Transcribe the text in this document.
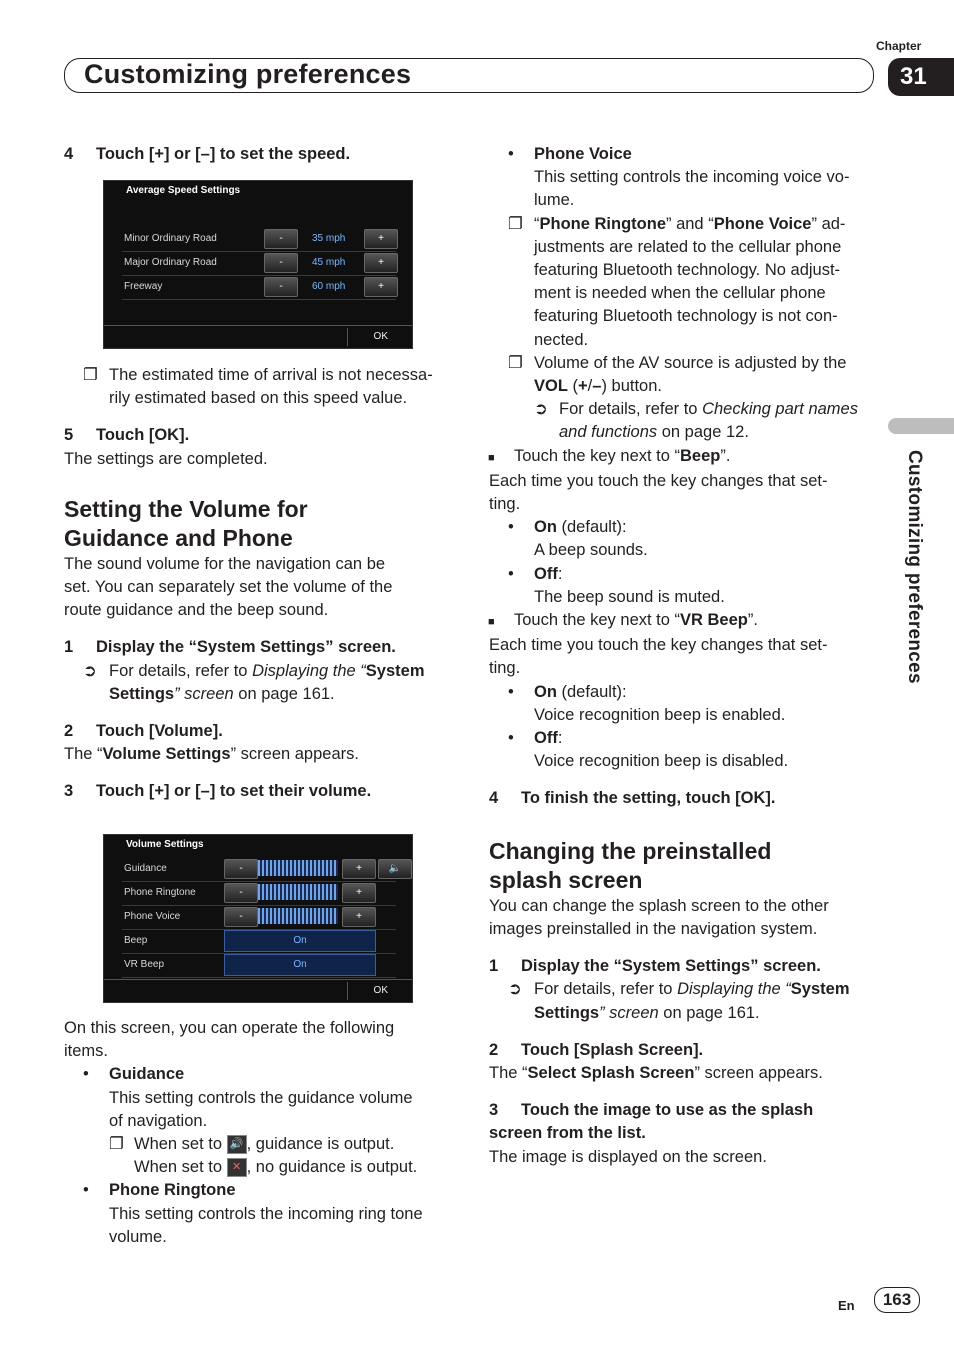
Chapter
Customizing preferences	31
Customizing preferences

4 Touch [+] or [–] to set the speed.

Average Speed Settings
Minor Ordinary Road	-	35 mph	+
Major Ordinary Road	-	45 mph	+
Freeway	-	60 mph	+
OK

❐ The estimated time of arrival is not necessa-

rily estimated based on this speed value.

5 Touch [OK].

The settings are completed.

Setting the Volume for

Guidance and Phone

The sound volume for the navigation can be

set. You can separately set the volume of the

route guidance and the beep sound.

1 Display the “System Settings” screen.

➲ For details, refer to Displaying the “System

Settings” screen on page 161.

2 Touch [Volume].

The “Volume Settings” screen appears.

3 Touch [+] or [–] to set their volume.

Volume Settings
Guidance	-	+	🔈
Phone Ringtone	-	+
Phone Voice	-	+
Beep	On
VR Beep	On
OK

On this screen, you can operate the following

items.

• Guidance

This setting controls the guidance volume

of navigation.

❐ When set to 🔊 , guidance is output.

When set to ✕ , no guidance is output.

• Phone Ringtone

This setting controls the incoming ring tone

volume.

• Phone Voice

This setting controls the incoming voice vo-

lume.

❐ “Phone Ringtone” and “Phone Voice” ad-

justments are related to the cellular phone

featuring Bluetooth technology. No adjust-

ment is needed when the cellular phone

featuring Bluetooth technology is not con-

nected.

❐ Volume of the AV source is adjusted by the

VOL (+/–) button.

➲ For details, refer to Checking part names

and functions on page 12.

■ Touch the key next to “Beep”.

Each time you touch the key changes that set-

ting.

• On (default):

A beep sounds.

• Off:

The beep sound is muted.

■ Touch the key next to “VR Beep”.

Each time you touch the key changes that set-

ting.

• On (default):

Voice recognition beep is enabled.

• Off:

Voice recognition beep is disabled.

4 To finish the setting, touch [OK].

Changing the preinstalled

splash screen

You can change the splash screen to the other

images preinstalled in the navigation system.

1 Display the “System Settings” screen.

➲ For details, refer to Displaying the “System

Settings” screen on page 161.

2 Touch [Splash Screen].

The “Select Splash Screen” screen appears.

3 Touch the image to use as the splash

screen from the list.

The image is displayed on the screen.

En	163
